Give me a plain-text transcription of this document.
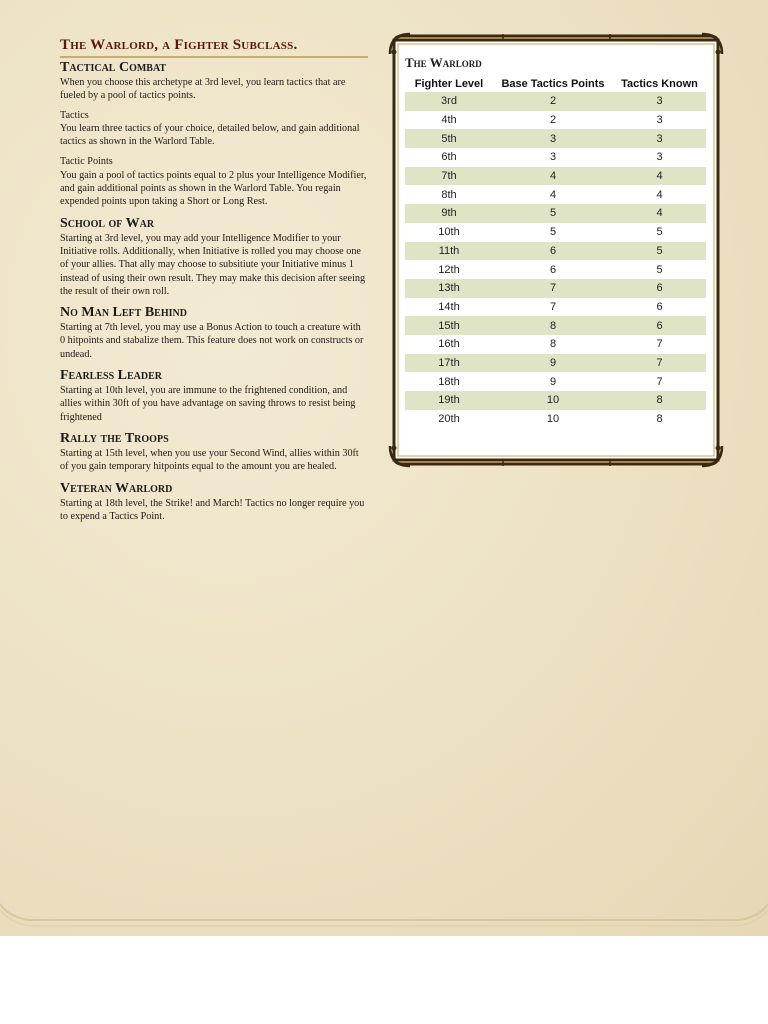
The Warlord, a Fighter Subclass.
Tactical Combat

When you choose this archetype at 3rd level, you learn tactics that are fueled by a pool of tactics points.

Tactics

You learn three tactics of your choice, detailed below, and gain additional tactics as shown in the Warlord Table.

Tactic Points

You gain a pool of tactics points equal to 2 plus your Intelligence Modifier, and gain additional points as shown in the Warlord Table. You regain expended points upon taking a Short or Long Rest.

School of War

Starting at 3rd level, you may add your Intelligence Modifier to your Initiative rolls. Additionally, when Initiative is rolled you may choose one of your allies. That ally may choose to subsitiute your Initiative minus 1 instead of using their own result. They may make this decision after seeing the result of their own roll.

No Man Left Behind

Starting at 7th level, you may use a Bonus Action to touch a creature with 0 hitpoints and stabalize them. This feature does not work on constructs or undead.

Fearless Leader

Starting at 10th level, you are immune to the frightened condition, and allies within 30ft of you have advantage on saving throws to resist being frightened

Rally the Troops

Starting at 15th level, when you use your Second Wind, allies within 30ft of you gain temporary hitpoints equal to the amount you are healed.

Veteran Warlord

Starting at 18th level, the Strike! and March! Tactics no longer require you to expend a Tactics Point.

The Warlord
Fighter Level	Base Tactics Points	Tactics Known
3rd	2	3
4th	2	3
5th	3	3
6th	3	3
7th	4	4
8th	4	4
9th	5	4
10th	5	5
11th	6	5
12th	6	5
13th	7	6
14th	7	6
15th	8	6
16th	8	7
17th	9	7
18th	9	7
19th	10	8
20th	10	8
